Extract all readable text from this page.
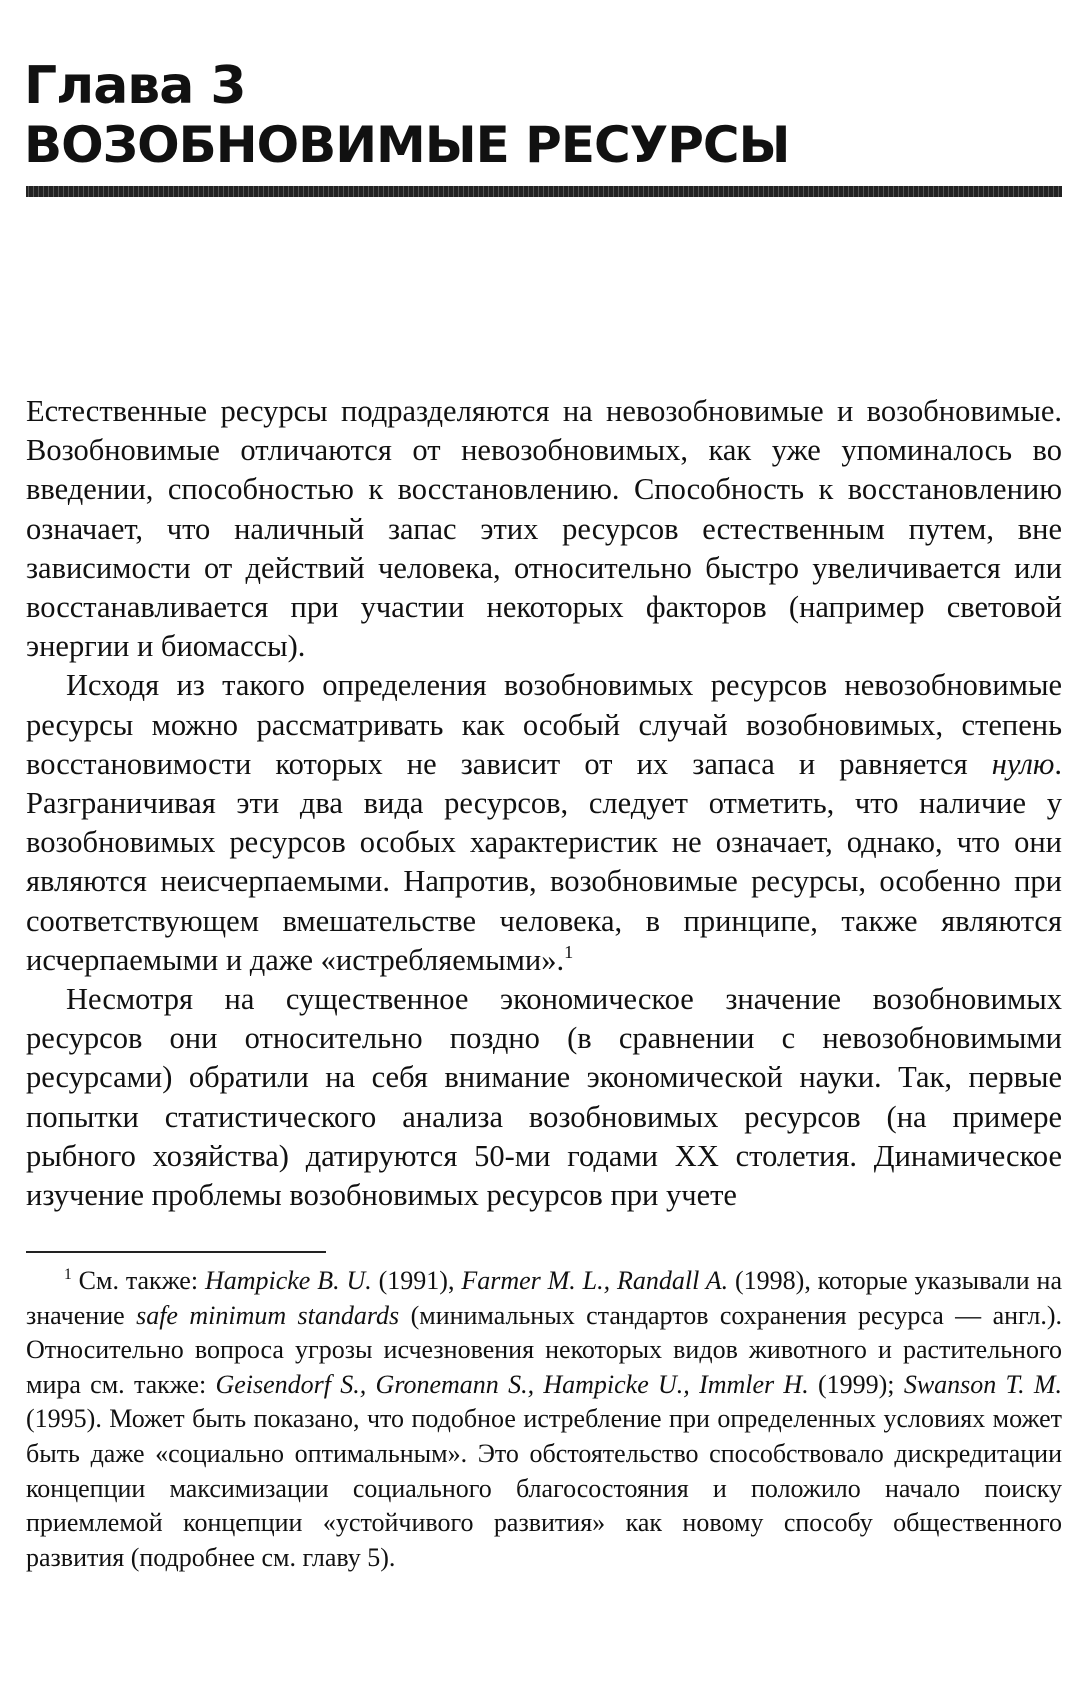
Глава 3
ВОЗОБНОВИМЫЕ РЕСУРСЫ

Естественные ресурсы подразделяются на невозобновимые и возобновимые. Возобновимые отличаются от невозобновимых, как уже упоминалось во введении, способностью к восстановлению. Способность к восстановлению означает, что наличный запас этих ресурсов естественным путем, вне зависимости от действий человека, относительно быстро увеличивается или восстанавливается при участии некоторых факторов (например световой энергии и биомассы).

Исходя из такого определения возобновимых ресурсов невозобновимые ресурсы можно рассматривать как особый случай возобновимых, степень восстановимости которых не зависит от их запаса и равняется нулю. Разграничивая эти два вида ресурсов, следует отметить, что наличие у возобновимых ресурсов особых характеристик не означает, однако, что они являются неисчерпаемыми. Напротив, возобновимые ресурсы, особенно при соответствующем вмешательстве человека, в принципе, также являются исчерпаемыми и даже «истребляемыми».$^1$

Несмотря на существенное экономическое значение возобновимых ресурсов они относительно поздно (в сравнении с невозобновимыми ресурсами) обратили на себя внимание экономической науки. Так, первые попытки статистического анализа возобновимых ресурсов (на примере рыбного хозяйства) датируются 50-ми годами XX столетия. Динамическое изучение проблемы возобновимых ресурсов при учете

$^1$ См. также: Hampicke B. U. (1991), Farmer M. L., Randall A. (1998), которые указывали на значение safe minimum standards (минимальных стандартов сохранения ресурса — англ.). Относительно вопроса угрозы исчезновения некоторых видов животного и растительного мира см. также: Geisendorf S., Gronemann S., Hampicke U., Immler H. (1999); Swanson T. M. (1995). Может быть показано, что подобное истребление при определенных условиях может быть даже «социально оптимальным». Это обстоятельство способствовало дискредитации концепции максимизации социального благосостояния и положило начало поиску приемлемой концепции «устойчивого развития» как новому способу общественного развития (подробнее см. главу 5).
